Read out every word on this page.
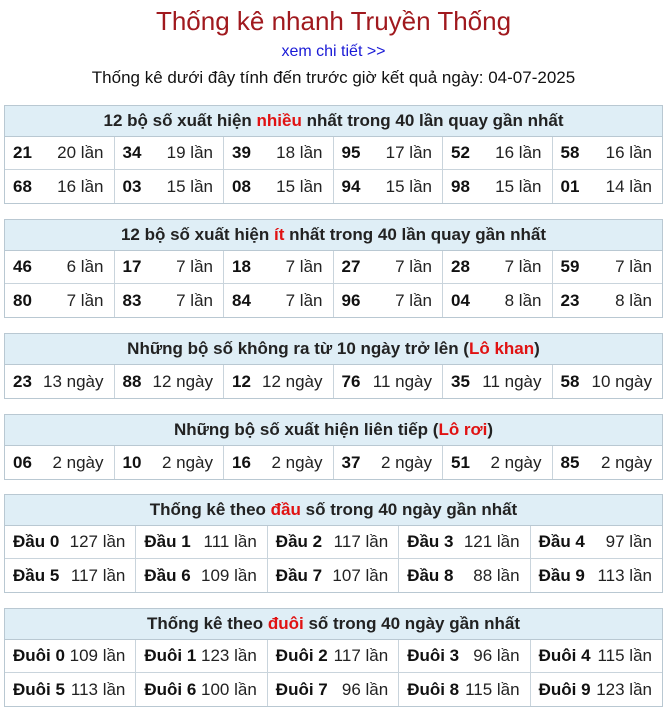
Thống kê nhanh Truyền Thống
xem chi tiết >>
Thống kê dưới đây tính đến trước giờ kết quả ngày: 04-07-2025
12 bộ số xuất hiện nhiều nhất trong 40 lần quay gần nhất
21 20 lần 34 19 lần 39 18 lần 95 17 lần 52 16 lần 58 16 lần
68 16 lần 03 15 lần 08 15 lần 94 15 lần 98 15 lần 01 14 lần
12 bộ số xuất hiện ít nhất trong 40 lần quay gần nhất
46 6 lần 17 7 lần 18 7 lần 27 7 lần 28 7 lần 59 7 lần
80 7 lần 83 7 lần 84 7 lần 96 7 lần 04 8 lần 23 8 lần
Những bộ số không ra từ 10 ngày trở lên (Lô khan)
23 13 ngày 88 12 ngày 12 12 ngày 76 11 ngày 35 11 ngày 58 10 ngày
Những bộ số xuất hiện liên tiếp (Lô rơi)
06 2 ngày 10 2 ngày 16 2 ngày 37 2 ngày 51 2 ngày 85 2 ngày
Thống kê theo đầu số trong 40 ngày gần nhất
Đầu 0 127 lần Đầu 1 111 lần Đầu 2 117 lần Đầu 3 121 lần Đầu 4 97 lần
Đầu 5 117 lần Đầu 6 109 lần Đầu 7 107 lần Đầu 8 88 lần Đầu 9 113 lần
Thống kê theo đuôi số trong 40 ngày gần nhất
Đuôi 0 109 lần Đuôi 1 123 lần Đuôi 2 117 lần Đuôi 3 96 lần Đuôi 4 115 lần
Đuôi 5 113 lần Đuôi 6 100 lần Đuôi 7 96 lần Đuôi 8 115 lần Đuôi 9 123 lần
